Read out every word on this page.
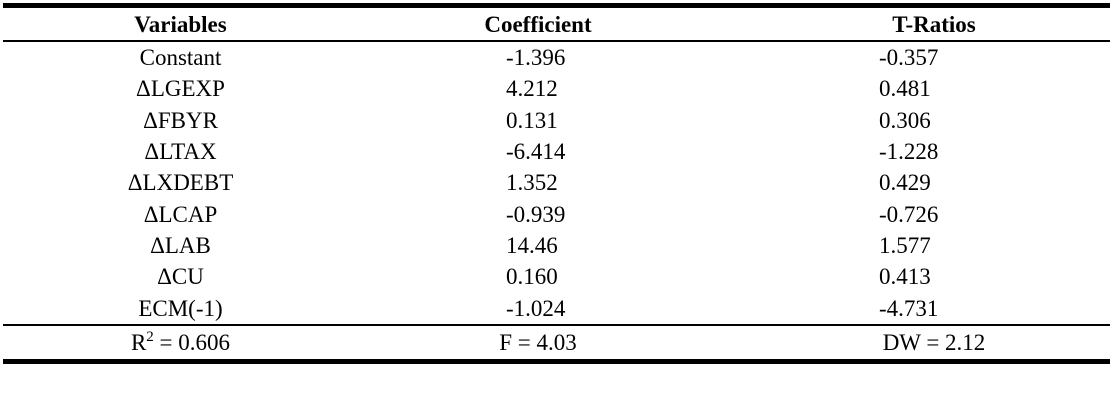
Variables	Coefficient	T-Ratios
Constant	-1.396	-0.357
ΔLGEXP	4.212	0.481
ΔFBYR	0.131	0.306
ΔLTAX	-6.414	-1.228
ΔLXDEBT	1.352	0.429
ΔLCAP	-0.939	-0.726
ΔLAB	14.46	1.577
ΔCU	0.160	0.413
ECM(-1)	-1.024	-4.731
$R^2 = 0.606$	F = 4.03	DW = 2.12
